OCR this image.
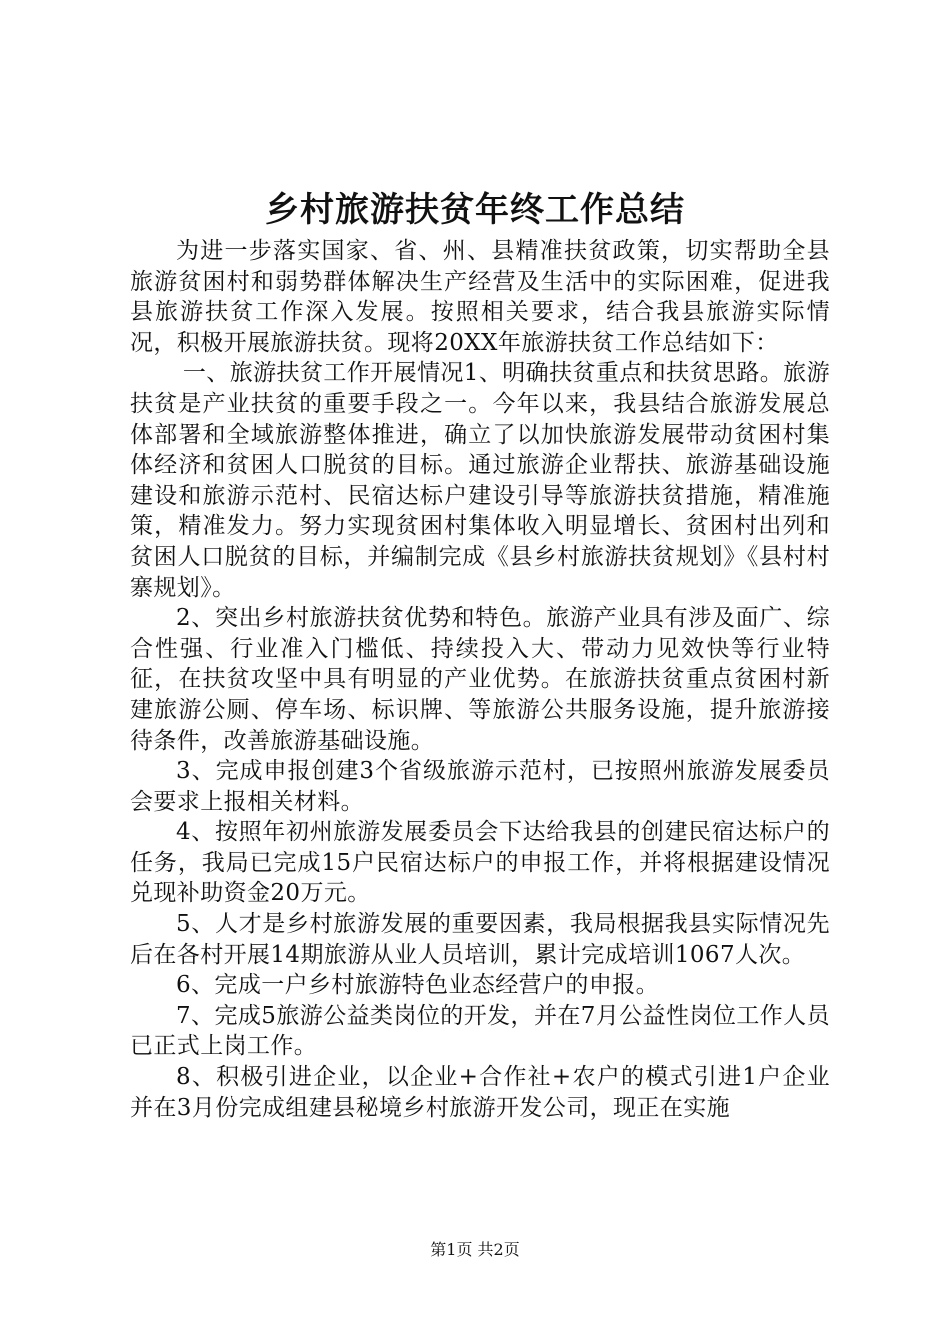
乡村旅游扶贫年终工作总结

为进一步落实国家、省、州、县精准扶贫政策，切实帮助全县旅游贫困村和弱势群体解决生产经营及生活中的实际困难，促进我县旅游扶贫工作深入发展。按照相关要求，结合我县旅游实际情况，积极开展旅游扶贫。现将20XX年旅游扶贫工作总结如下：

一、旅游扶贫工作开展情况1、明确扶贫重点和扶贫思路。旅游扶贫是产业扶贫的重要手段之一。今年以来，我县结合旅游发展总体部署和全域旅游整体推进，确立了以加快旅游发展带动贫困村集体经济和贫困人口脱贫的目标。通过旅游企业帮扶、旅游基础设施建设和旅游示范村、民宿达标户建设引导等旅游扶贫措施，精准施策，精准发力。努力实现贫困村集体收入明显增长、贫困村出列和贫困人口脱贫的目标，并编制完成《县乡村旅游扶贫规划》《县村村寨规划》。

2、突出乡村旅游扶贫优势和特色。旅游产业具有涉及面广、综合性强、行业准入门槛低、持续投入大、带动力见效快等行业特征，在扶贫攻坚中具有明显的产业优势。在旅游扶贫重点贫困村新建旅游公厕、停车场、标识牌、等旅游公共服务设施，提升旅游接待条件，改善旅游基础设施。

3、完成申报创建3个省级旅游示范村，已按照州旅游发展委员会要求上报相关材料。

4、按照年初州旅游发展委员会下达给我县的创建民宿达标户的任务，我局已完成15户民宿达标户的申报工作，并将根据建设情况兑现补助资金20万元。

5、人才是乡村旅游发展的重要因素，我局根据我县实际情况先后在各村开展14期旅游从业人员培训，累计完成培训1067人次。

6、完成一户乡村旅游特色业态经营户的申报。

7、完成5旅游公益类岗位的开发，并在7月公益性岗位工作人员已正式上岗工作。

8、积极引进企业，以企业+合作社+农户的模式引进1户企业并在3月份完成组建县秘境乡村旅游开发公司，现正在实施

第1页 共2页
